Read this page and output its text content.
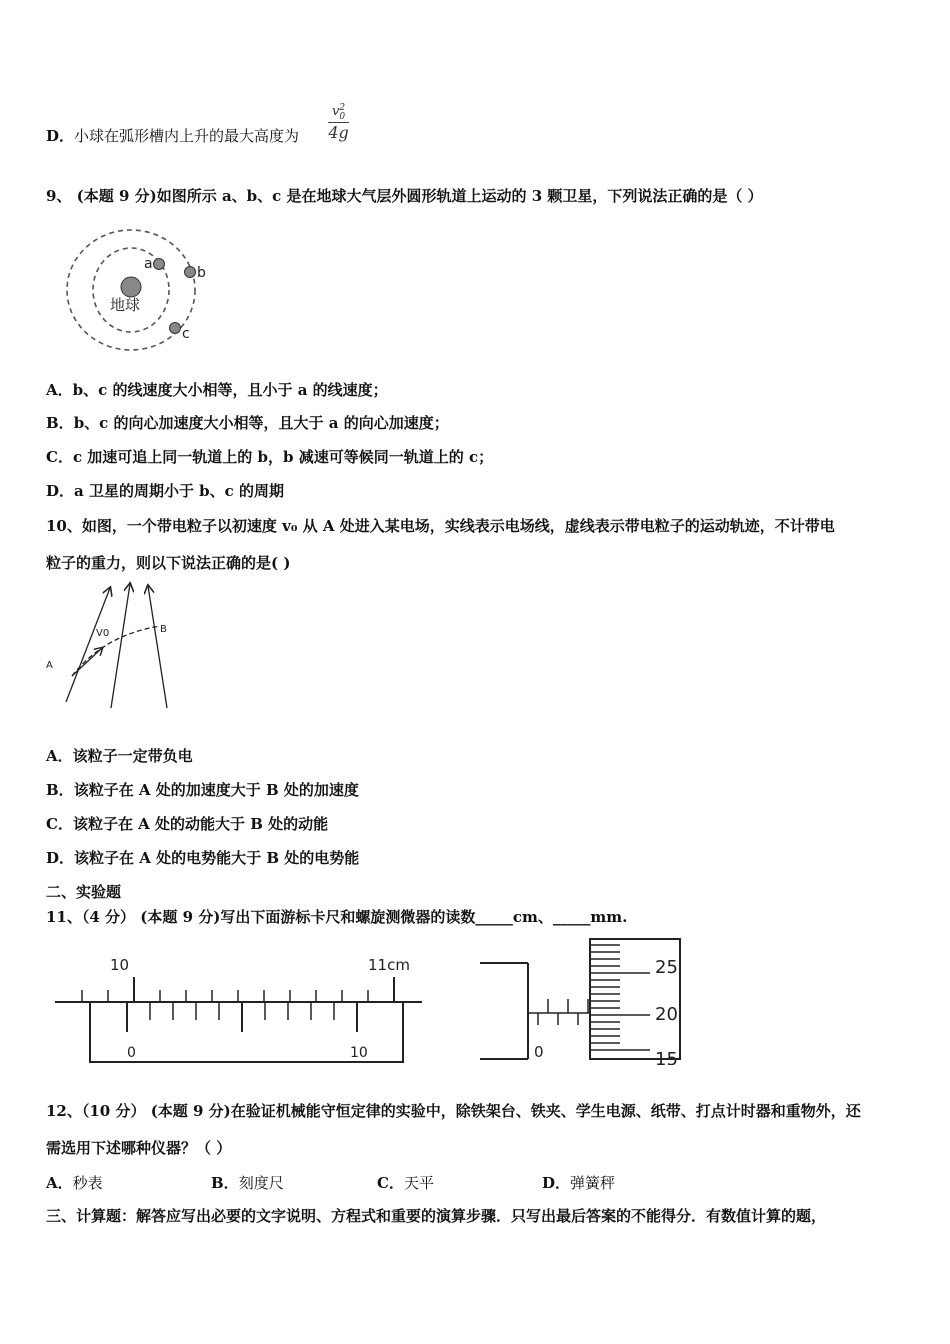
D．小球在弧形槽内上升的最大高度为
v 2
0
4g
9、 (本题 9 分)如图所示 a、b、c 是在地球大气层外圆形轨道上运动的 3 颗卫星，下列说法正确的是（ ）
地球
a
b
c
A．b、c 的线速度大小相等，且小于 a 的线速度；
B．b、c 的向心加速度大小相等，且大于 a 的向心加速度；
C．c 加速可追上同一轨道上的 b，b 减速可等候同一轨道上的 c；
D．a 卫星的周期小于 b、c 的周期
10、如图，一个带电粒子以初速度 v₀ 从 A 处进入某电场，实线表示电场线，虚线表示带电粒子的运动轨迹，不计带电
粒子的重力，则以下说法正确的是( )
A
B
V0
A．该粒子一定带负电
B．该粒子在 A 处的加速度大于 B 处的加速度
C．该粒子在 A 处的动能大于 B 处的动能
D．该粒子在 A 处的电势能大于 B 处的电势能
二、实验题
11、（4 分） (本题 9 分)写出下面游标卡尺和螺旋测微器的读数_____cm、_____mm.
10	11cm
0	10	0
25
20
15
12、（10 分） (本题 9 分)在验证机械能守恒定律的实验中，除铁架台、铁夹、学生电源、纸带、打点计时器和重物外，还
需选用下述哪种仪器？（ ）
A．秒表	B．刻度尺	C．天平	D．弹簧秤
三、计算题：解答应写出必要的文字说明、方程式和重要的演算步骤．只写出最后答案的不能得分．有数值计算的题，
